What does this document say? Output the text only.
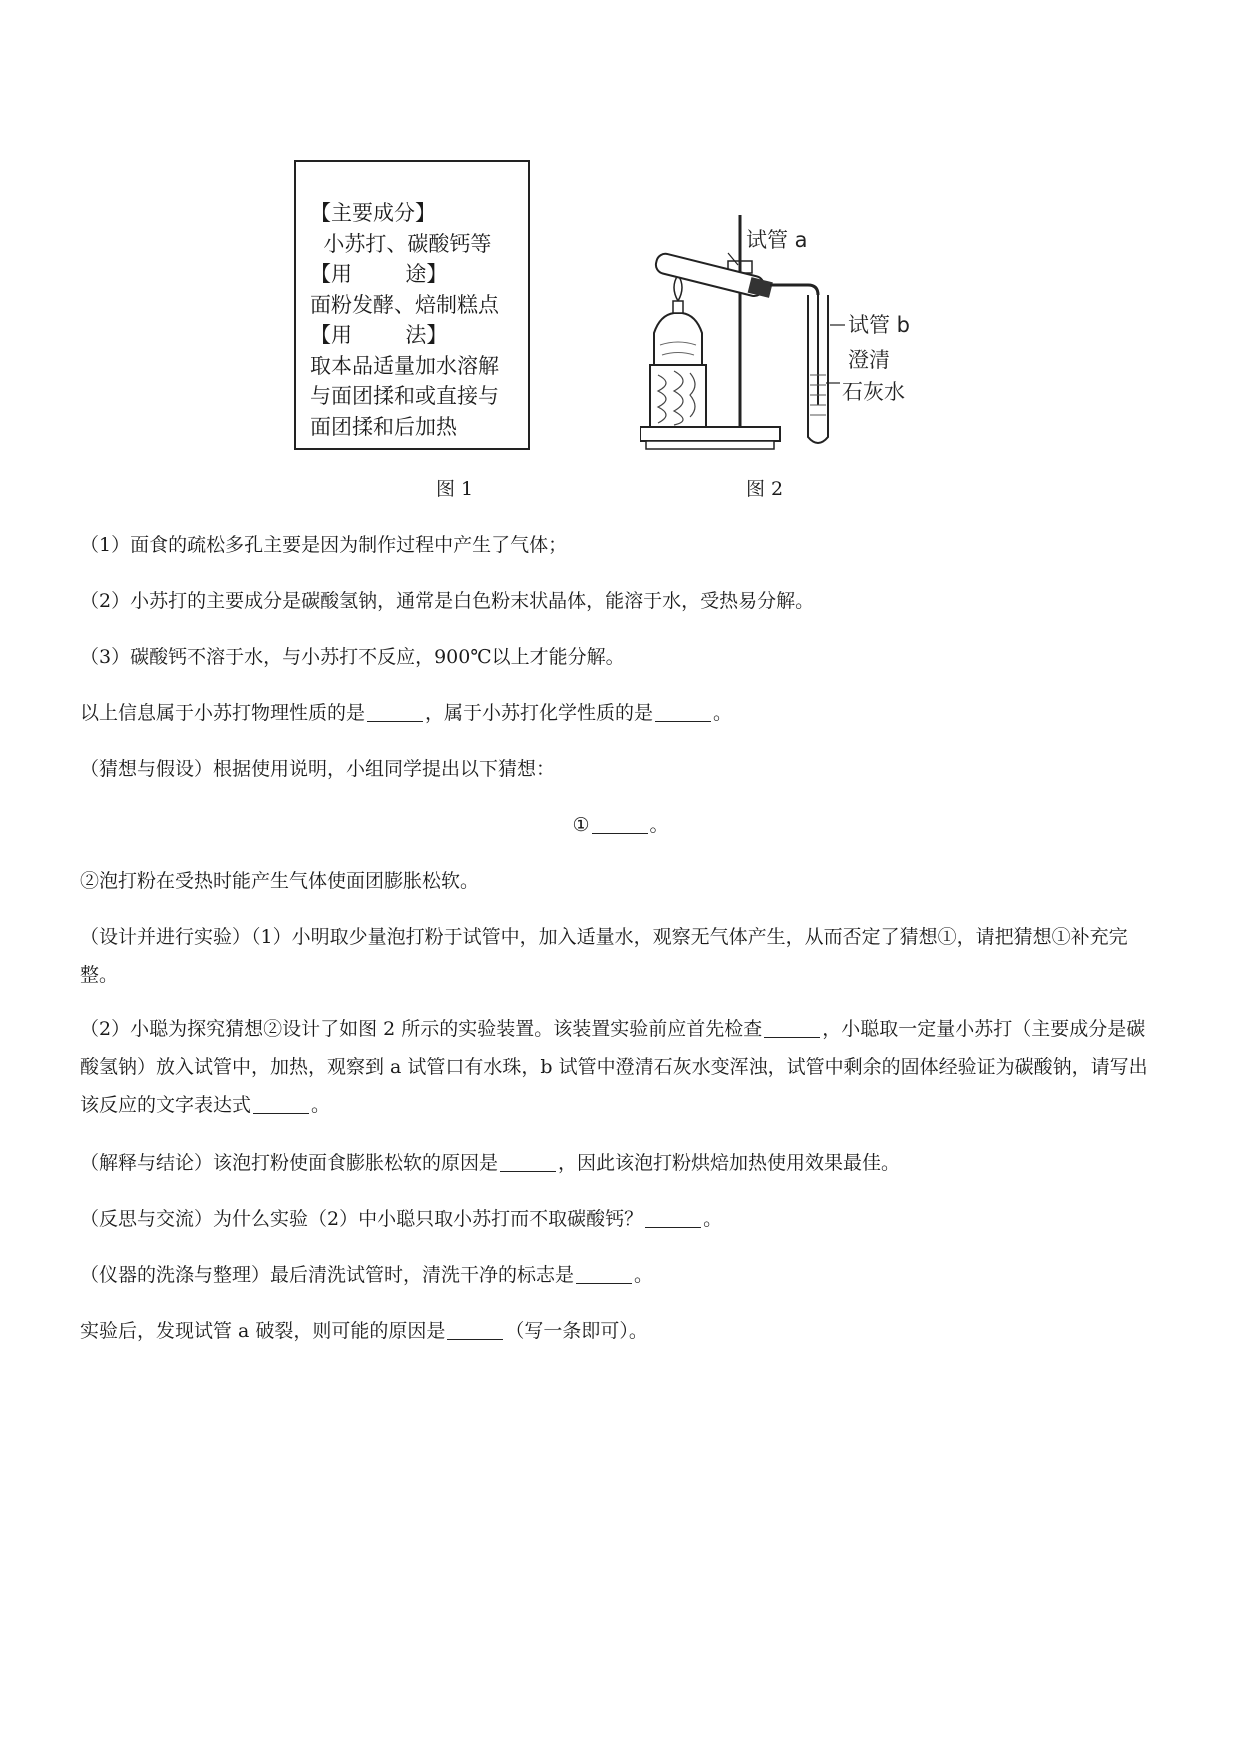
【主要成分】
小苏打、碳酸钙等
【用        途】
面粉发酵、焙制糕点
【用        法】
取本品适量加水溶解
与面团揉和或直接与
面团揉和后加热
图 1
试管 a
试管 b
澄清
石灰水
图 2
（1）面食的疏松多孔主要是因为制作过程中产生了气体；
（2）小苏打的主要成分是碳酸氢钠，通常是白色粉末状晶体，能溶于水，受热易分解。
（3）碳酸钙不溶于水，与小苏打不反应，900℃以上才能分解。
以上信息属于小苏打物理性质的是	，属于小苏打化学性质的是	。
（猜想与假设）根据使用说明，小组同学提出以下猜想：
①	。
②泡打粉在受热时能产生气体使面团膨胀松软。
（设计并进行实验）（1）小明取少量泡打粉于试管中，加入适量水，观察无气体产生，从而否定了猜想①，请把猜想①补充完整。
（2）小聪为探究猜想②设计了如图 2 所示的实验装置。该装置实验前应首先检查	，小聪取一定量小苏打（主要成分是碳酸氢钠）放入试管中，加热，观察到 a 试管口有水珠，b 试管中澄清石灰水变浑浊，试管中剩余的固体经验证为碳酸钠，请写出该反应的文字表达式	。
（解释与结论）该泡打粉使面食膨胀松软的原因是	，因此该泡打粉烘焙加热使用效果最佳。
（反思与交流）为什么实验（2）中小聪只取小苏打而不取碳酸钙？	。
（仪器的洗涤与整理）最后清洗试管时，清洗干净的标志是	。
实验后，发现试管 a 破裂，则可能的原因是	（写一条即可）。
